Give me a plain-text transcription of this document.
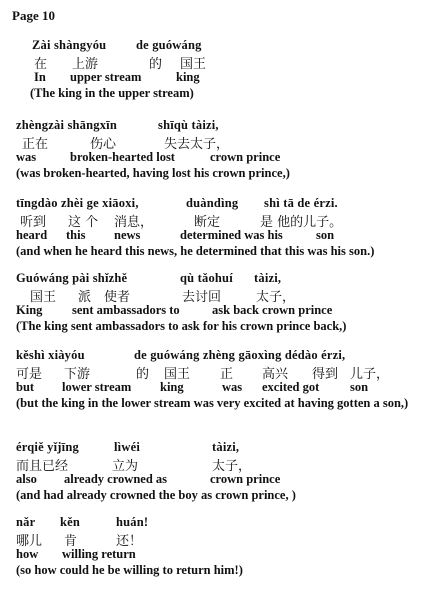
Page 10
Zài shàngyóu de guówáng
在 上游	的 国王
In upper stream	king
(The king in the upper stream)
zhèngzài shāngxīn	shīqù tàizi,
正在	伤心	失去太子，
was	broken-hearted lost	crown prince
(was broken-hearted, having lost his crown prince,)
tīngdào zhèi ge xiāoxi,	duàndìng shì tā de érzi.
听到 这 个 消息，	断定	是 他的儿子。
heard this news	determined was his	son
(and when he heard this news, he determined that this was his son.)
Guówáng pài shǐzhě	qù tǎohuí tàizi,
国王 派 使者	去讨回	太子，
King sent ambassadors to	ask back crown prince
(The king sent ambassadors to ask for his crown prince back,)
kěshì xiàyóu	de guówáng zhèng gāoxìng dédào érzi,
可是 下游	的 国王 正 高兴 得到 儿子，
but lower stream king	was excited got son
(but the king in the lower stream was very excited at having gotten a son,)
érqiě yǐjīng	lìwéi	tàizi,
而且已经	立为	太子，
also already crowned as	crown prince
(and had already crowned the boy as crown prince, )
nǎr kěn	huán!
哪儿 肯	还！
how willing return
(so how could he be willing to return him!)
